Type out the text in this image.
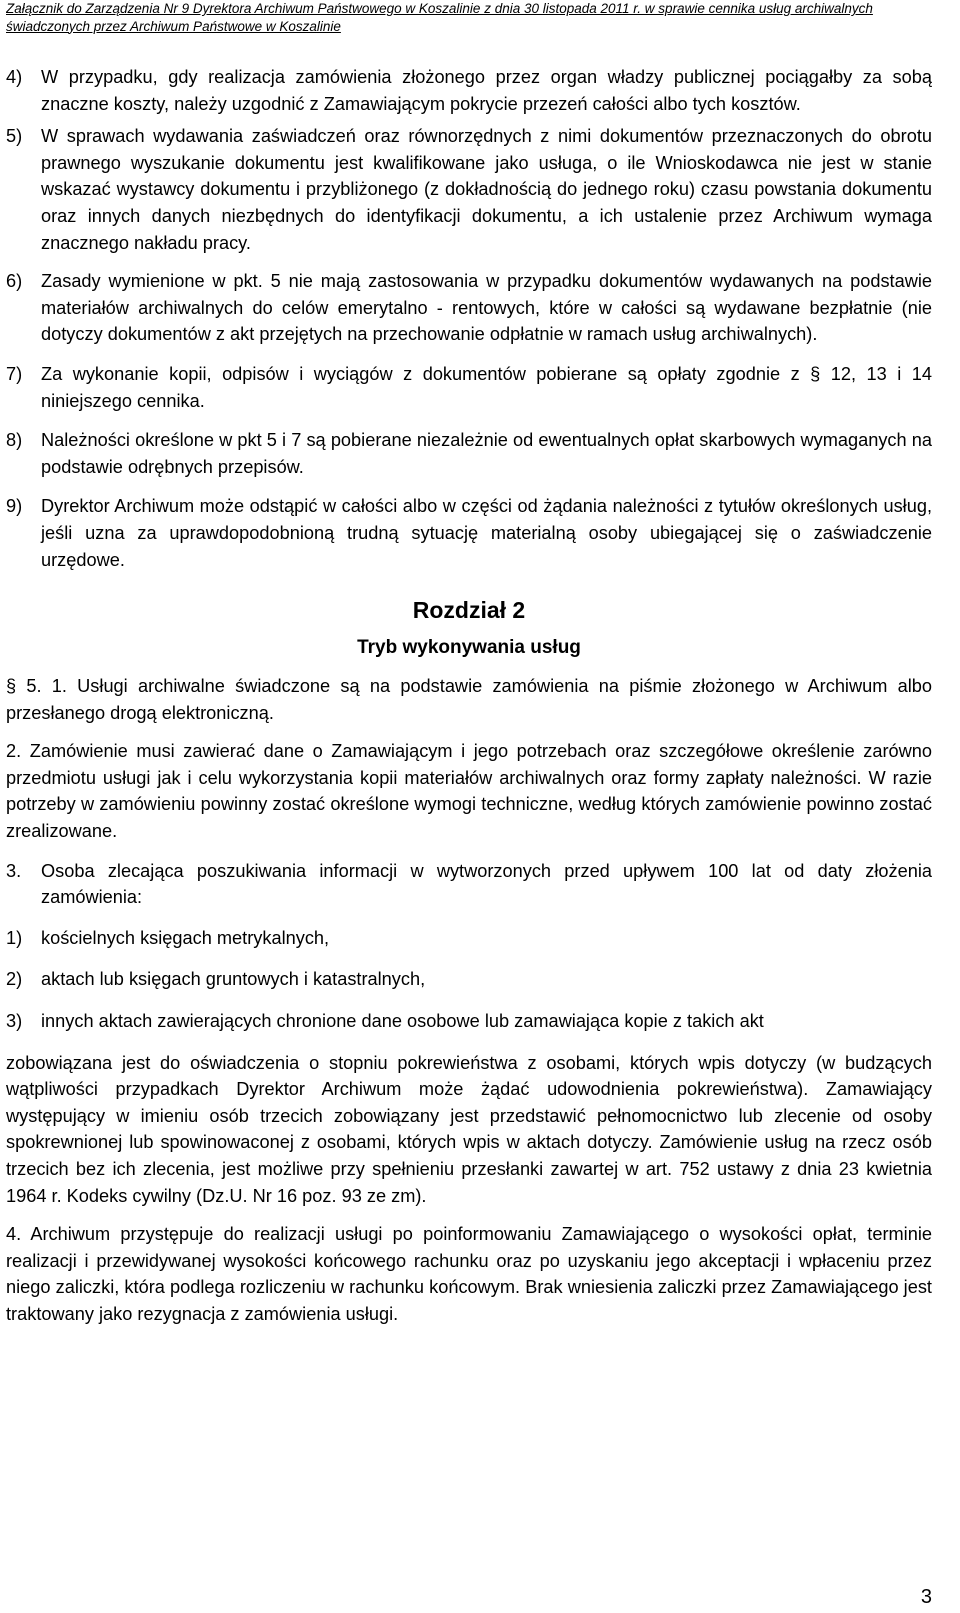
Załącznik do Zarządzenia Nr 9 Dyrektora Archiwum Państwowego w Koszalinie z dnia 30 listopada 2011 r. w sprawie cennika usług archiwalnych
świadczonych przez Archiwum Państwowe w Koszalinie
4)	W przypadku, gdy realizacja zamówienia złożonego przez organ władzy publicznej pociągałby za sobą znaczne koszty, należy uzgodnić z Zamawiającym pokrycie przezeń całości albo tych kosztów.
5)	W sprawach wydawania zaświadczeń oraz równorzędnych z nimi dokumentów przeznaczonych do obrotu prawnego wyszukanie dokumentu jest kwalifikowane jako usługa, o ile Wnioskodawca nie jest w stanie wskazać wystawcy dokumentu i przybliżonego (z dokładnością do jednego roku) czasu powstania dokumentu oraz innych danych niezbędnych do identyfikacji dokumentu, a ich ustalenie przez Archiwum wymaga znacznego nakładu pracy.
6)	Zasady wymienione w pkt. 5 nie mają zastosowania w przypadku dokumentów wydawanych na podstawie materiałów archiwalnych do celów emerytalno - rentowych, które w całości są wydawane bezpłatnie (nie dotyczy dokumentów z akt przejętych na przechowanie odpłatnie w ramach usług archiwalnych).
7)	Za wykonanie kopii, odpisów i wyciągów z dokumentów pobierane są opłaty zgodnie z § 12, 13 i 14 niniejszego cennika.
8)	Należności określone w pkt 5 i 7 są pobierane niezależnie od ewentualnych opłat skarbowych wymaganych na podstawie odrębnych przepisów.
9)	Dyrektor Archiwum może odstąpić w całości albo w części od żądania należności z tytułów określonych usług, jeśli uzna za uprawdopodobnioną trudną sytuację materialną osoby ubiegającej się o zaświadczenie urzędowe.
Rozdział 2
Tryb wykonywania usług

§ 5. 1. Usługi archiwalne świadczone są na podstawie zamówienia na piśmie złożonego w Archiwum albo przesłanego drogą elektroniczną.

2. Zamówienie musi zawierać dane o Zamawiającym i jego potrzebach oraz szczegółowe określenie zarówno przedmiotu usługi jak i celu wykorzystania kopii materiałów archiwalnych oraz formy zapłaty należności. W razie potrzeby w zamówieniu powinny zostać określone wymogi techniczne, według których zamówienie powinno zostać zrealizowane.

3.	Osoba zlecająca poszukiwania informacji w wytworzonych przed upływem 100 lat od daty złożenia zamówienia:
1)	kościelnych księgach metrykalnych,
2)	aktach lub księgach gruntowych i katastralnych,
3)	innych aktach zawierających chronione dane osobowe lub zamawiająca kopie z takich akt

zobowiązana jest do oświadczenia o stopniu pokrewieństwa z osobami, których wpis dotyczy (w budzących wątpliwości przypadkach Dyrektor Archiwum może żądać udowodnienia pokrewieństwa). Zamawiający występujący w imieniu osób trzecich zobowiązany jest przedstawić pełnomocnictwo lub zlecenie od osoby spokrewnionej lub spowinowaconej z osobami, których wpis w aktach dotyczy. Zamówienie usług na rzecz osób trzecich bez ich zlecenia, jest możliwe przy spełnieniu przesłanki zawartej w art. 752 ustawy z dnia 23 kwietnia 1964 r. Kodeks cywilny (Dz.U. Nr 16 poz. 93 ze zm).

4. Archiwum przystępuje do realizacji usługi po poinformowaniu Zamawiającego o wysokości opłat, terminie realizacji i przewidywanej wysokości końcowego rachunku oraz po uzyskaniu jego akceptacji i wpłaceniu przez niego zaliczki, która podlega rozliczeniu w rachunku końcowym. Brak wniesienia zaliczki przez Zamawiającego jest traktowany jako rezygnacja z zamówienia usługi.

3
